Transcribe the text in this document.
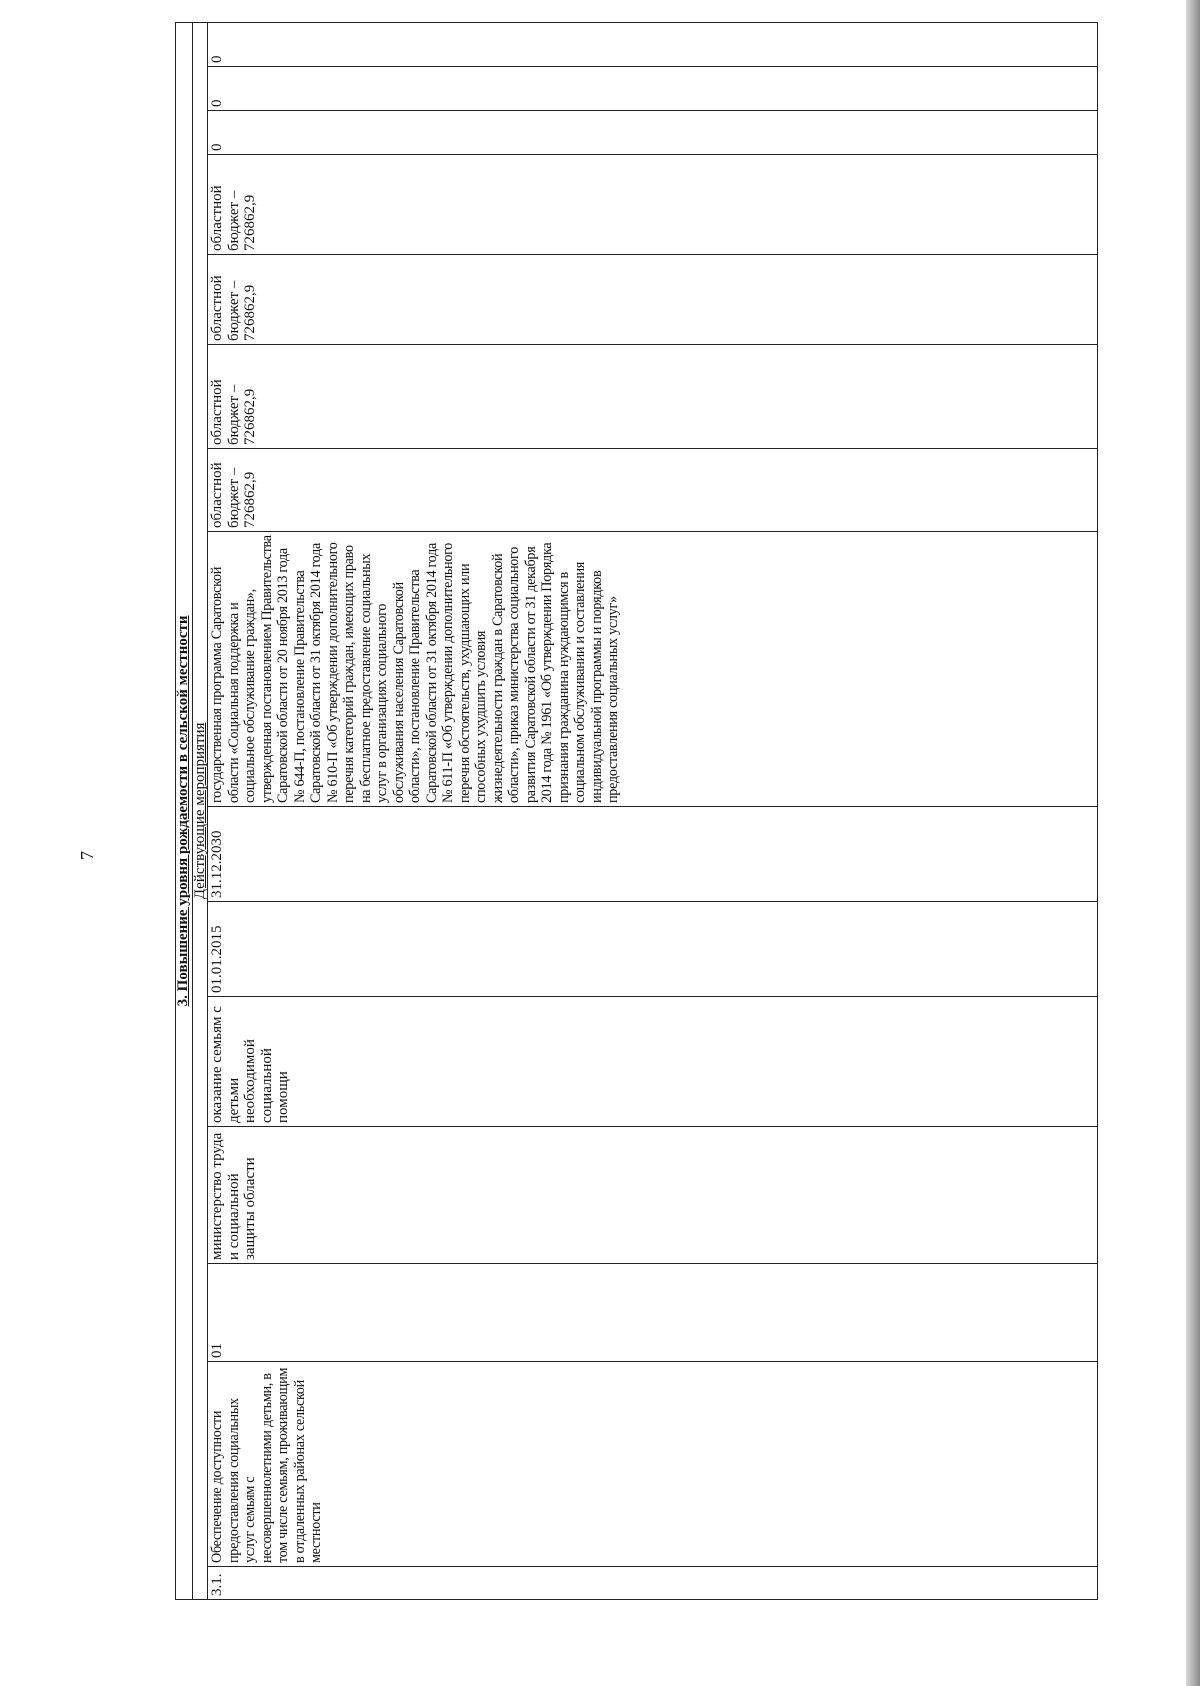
7	3. Повышение уровня рождаемости в сельской местности
Действующие мероприятия
3.1.	Обеспечение доступности предоставления социальных услуг семьям с несовершеннолетними детьми, в том числе семьям, проживающим в отдаленных районах сельской местности	01	министерство труда и социальной защиты области	оказание семьям с детьми необходимой социальной помощи	01.01.2015	31.12.2030	государственная программа Саратовской области «Социальная поддержка и социальное обслуживание граждан», утвержденная постановлением Правительства Саратовской области от 20 ноября 2013 года № 644-П, постановление Правительства Саратовской области от 31 октября 2014 года № 610-П «Об утверждении дополнительного перечня категорий граждан, имеющих право на бесплатное предоставление социальных услуг в организациях социального обслуживания населения Саратовской области», постановление Правительства Саратовской области от 31 октября 2014 года № 611-П «Об утверждении дополнительного перечня обстоятельств, ухудшающих или способных ухудшить условия жизнедеятельности граждан в Саратовской области», приказ министерства социального развития Саратовской области от 31 декабря 2014 года № 1961 «Об утверждении Порядка признания гражданина нуждающимся в социальном обслуживании и составления индивидуальной программы и порядков предоставления социальных услуг»	областной бюджет – 726862,9	областной бюджет – 726862,9	областной бюджет – 726862,9	областной бюджет – 726862,9	0	0	0
